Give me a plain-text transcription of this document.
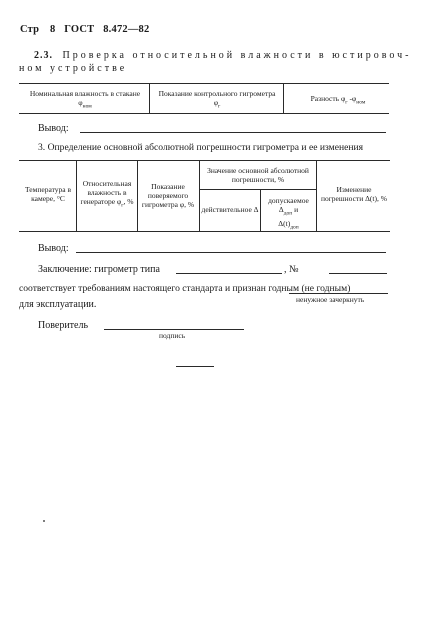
Стр 8 ГОСТ 8.472—82
2.3. Проверка относительной влажности в юстировоч-
ном устройстве
Номинальная влажность в стакане $\varphi_{ном}$
Показание контрольного гигрометра $\varphi_г$
Разность $\varphi_г$ $-\varphi_{ном}$
Вывод:
3. Определение основной абсолютной погрешности гигрометра и ее изменения
Температура в камере, °С
Относительная влажность в генераторе $\varphi_г$, %
Показание поверяемого гигрометра φ, %
Значение основной абсолютной погрешности, %
действительное Δ
допускаемое
$\Delta_{доп}$ и
$\Delta(t)_{доп}$
Изменение погрешности Δ(t), %
Вывод:
Заключение: гигрометр типа	, №
соответствует требованиям настоящего стандарта и признан годным (не годным)
ненужное зачеркнуть
для эксплуатации.
Поверитель
подпись
